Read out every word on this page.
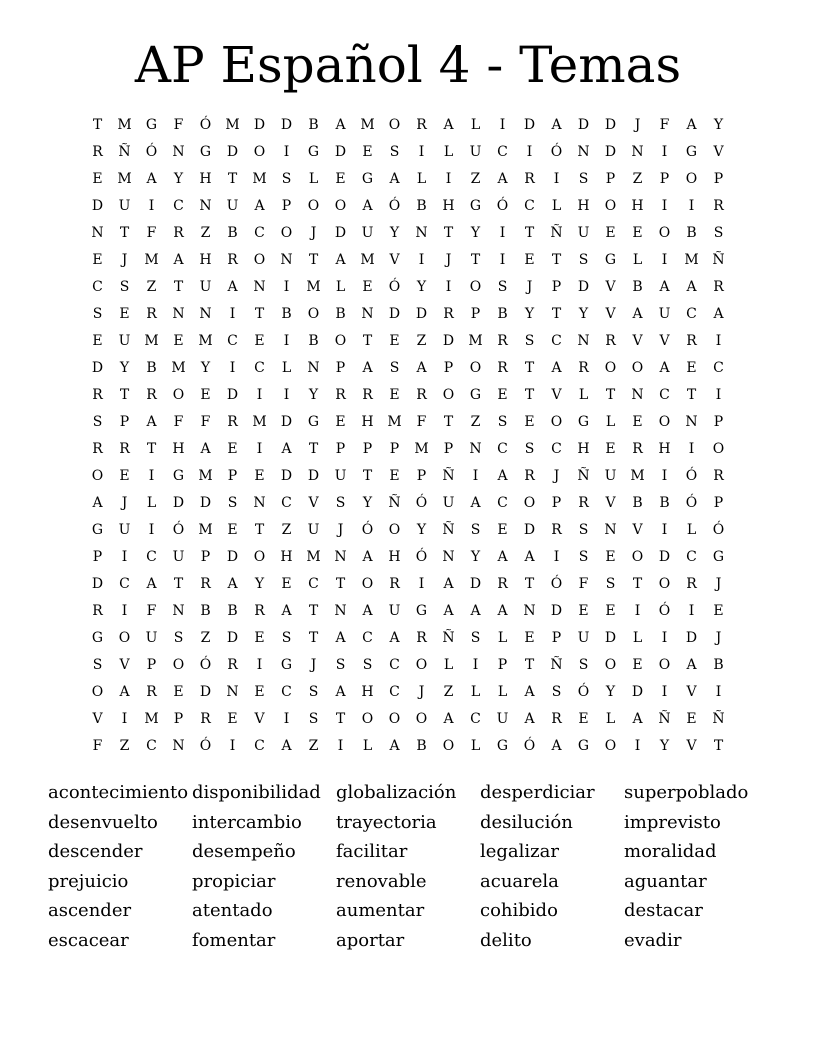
AP Español 4 - Temas
T	M	G	F	Ó	M	D	D	B	A	M	O	R	A	L	I	D	A	D	D	J	F	A	Y
R	Ñ	Ó	N	G	D	O	I	G	D	E	S	I	L	U	C	I	Ó	N	D	N	I	G	V
E	M	A	Y	H	T	M	S	L	E	G	A	L	I	Z	A	R	I	S	P	Z	P	O	P
D	U	I	C	N	U	A	P	O	O	A	Ó	B	H	G	Ó	C	L	H	O	H	I	I	R
N	T	F	R	Z	B	C	O	J	D	U	Y	N	T	Y	I	T	Ñ	U	E	E	O	B	S
E	J	M	A	H	R	O	N	T	A	M	V	I	J	T	I	E	T	S	G	L	I	M Ñ
C	S	Z	T	U	A	N	I	M	L	E	Ó	Y	I	O	S	J	P	D	V	B	A	A	R
S	E	R	N	N	I	T	B	O	B	N	D	D	R	P	B	Y	T	Y	V	A	U	C	A
E	U M	E	M	C	E	I	B	O	T	E	Z	D	M	R	S	C	N	R	V	V	R	I
D	Y	B	M	Y	I	C	L	N	P	A	S	A	P	O	R	T	A	R	O	O	A	E	C
R	T	R	O	E	D	I	I	Y	R	R	E	R	O	G	E	T	V	L	T	N	C	T	I
S	P	A	F	F	R	M	D	G	E	H M	F	T	Z	S	E	O	G	L	E	O	N	P
R	R	T	H	A	E	I	A	T	P	P	P	M	P	N	C	S	C	H	E	R	H	I	O
O	E	I	G	M	P	E	D	D	U	T	E	P	Ñ	I	A	R	J	Ñ	U M	I	Ó	R
A	J	L	D	D	S	N	C	V	S	Y	Ñ	Ó	U	A	C	O	P	R	V	B	B	Ó	P
G	U	I	Ó	M	E	T	Z	U	J	Ó	O	Y	Ñ	S	E	D	R	S	N	V	I	L	Ó
P	I	C	U	P	D	O	H M N	A	H	Ó	N	Y	A	A	I	S	E	O	D	C	G
D	C	A	T	R	A	Y	E	C	T	O	R	I	A	D	R	T	Ó	F	S	T	O	R	J
R	I	F	N	B	B	R	A	T	N	A	U	G	A	A	A	N	D	E	E	I	Ó	I	E
G	O	U	S	Z	D	E	S	T	A	C	A	R	Ñ	S	L	E	P	U	D	L	I	D	J
S	V	P	O	Ó	R	I	G	J	S	S	C	O	L	I	P	T	Ñ	S	O	E	O	A	B
O	A	R	E	D	N	E	C	S	A	H	C	J	Z	L	L	A	S	Ó	Y	D	I	V	I
V	I	M	P	R	E	V	I	S	T	O	O	O	A	C	U	A	R	E	L	A	Ñ	E	Ñ
F	Z	C	N	Ó	I	C	A	Z	I	L	A	B	O	L	G	Ó	A	G	O	I	Y	V	T
acontecimiento disponibilidad globalización	desperdiciar	superpoblado
desenvuelto	intercambio	trayectoria	desilución	imprevisto
descender	desempeño	facilitar	legalizar	moralidad
prejuicio	propiciar	renovable	acuarela	aguantar
ascender	atentado	aumentar	cohibido	destacar
escacear	fomentar	aportar	delito	evadir
